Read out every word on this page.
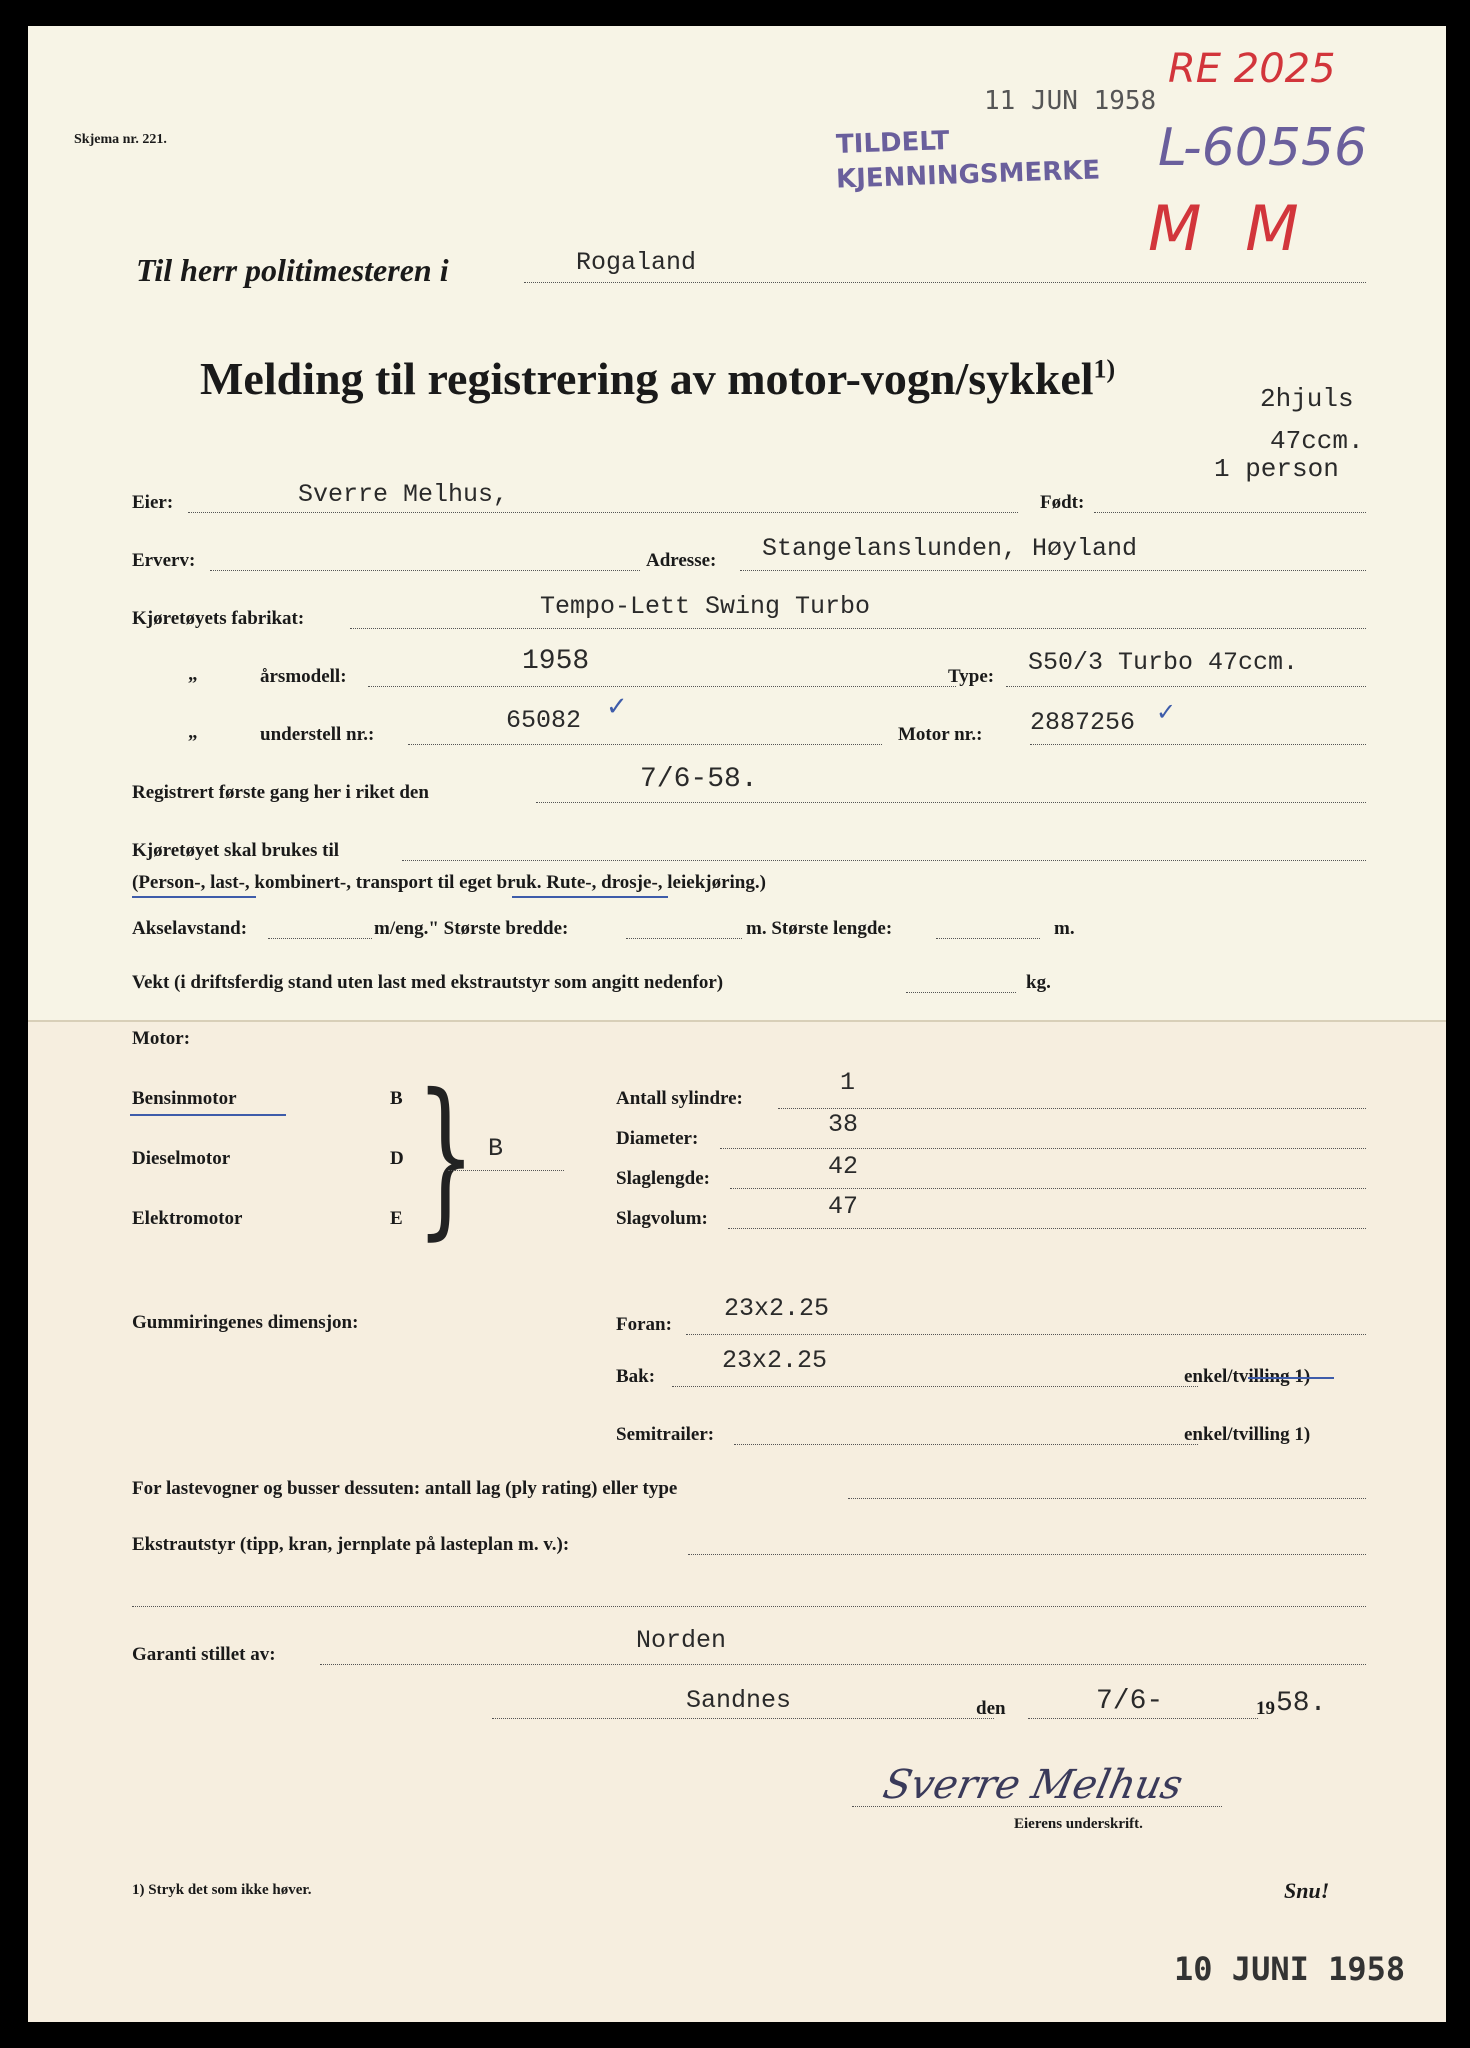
Skjema nr. 221.
11 JUN 1958
TILDELT
KJENNINGSMERKE L-60556
RE 2025
M M
Til herr politimesteren i	Rogaland
Melding til registrering av motor-vogn/sykkel$^{1)}$
2hjuls
47ccm.
1 person
Eier:	Sverre Melhus,	Født:
Erverv:	Adresse: Stangelanslunden, Høyland
Kjøretøyets fabrikat:	Tempo-Lett Swing Turbo
„	årsmodell:	1958	Type: S50/3 Turbo 47ccm.
„	understell nr.:	65082 ✓
Motor nr.: 2887256 ✓
Registrert første gang her i riket den	7/6-58.
Kjøretøyet skal brukes til
(Person-, last-, kombinert-, transport til eget bruk. Rute-, drosje-, leiekjøring.)
Akselavstand:	m/eng." Største bredde:	m. Største lengde:	m.
Vekt (i driftsferdig stand uten last med ekstrautstyr som angitt nedenfor)	kg.
Motor:
Bensinmotor	B
Dieselmotor	D
Elektromotor	E } B
Antall sylindre:
1
Diameter:	38
Slaglengde:	42
Slagvolum:	47
Gummiringenes dimensjon:	Foran:
23x2.25
Bak:
23x2.25
enkel/tvilling 1)
Semitrailer:	enkel/tvilling 1)
For lastevogner og busser dessuten: antall lag (ply rating) eller type
Ekstrautstyr (tipp, kran, jernplate på lasteplan m. v.):
Garanti stillet av:	Norden
Sandnes	den	7/6-	19 58.
Sverre Melhus
Eierens underskrift.
1) Stryk det som ikke høver.	Snu!
10 JUNI 1958
